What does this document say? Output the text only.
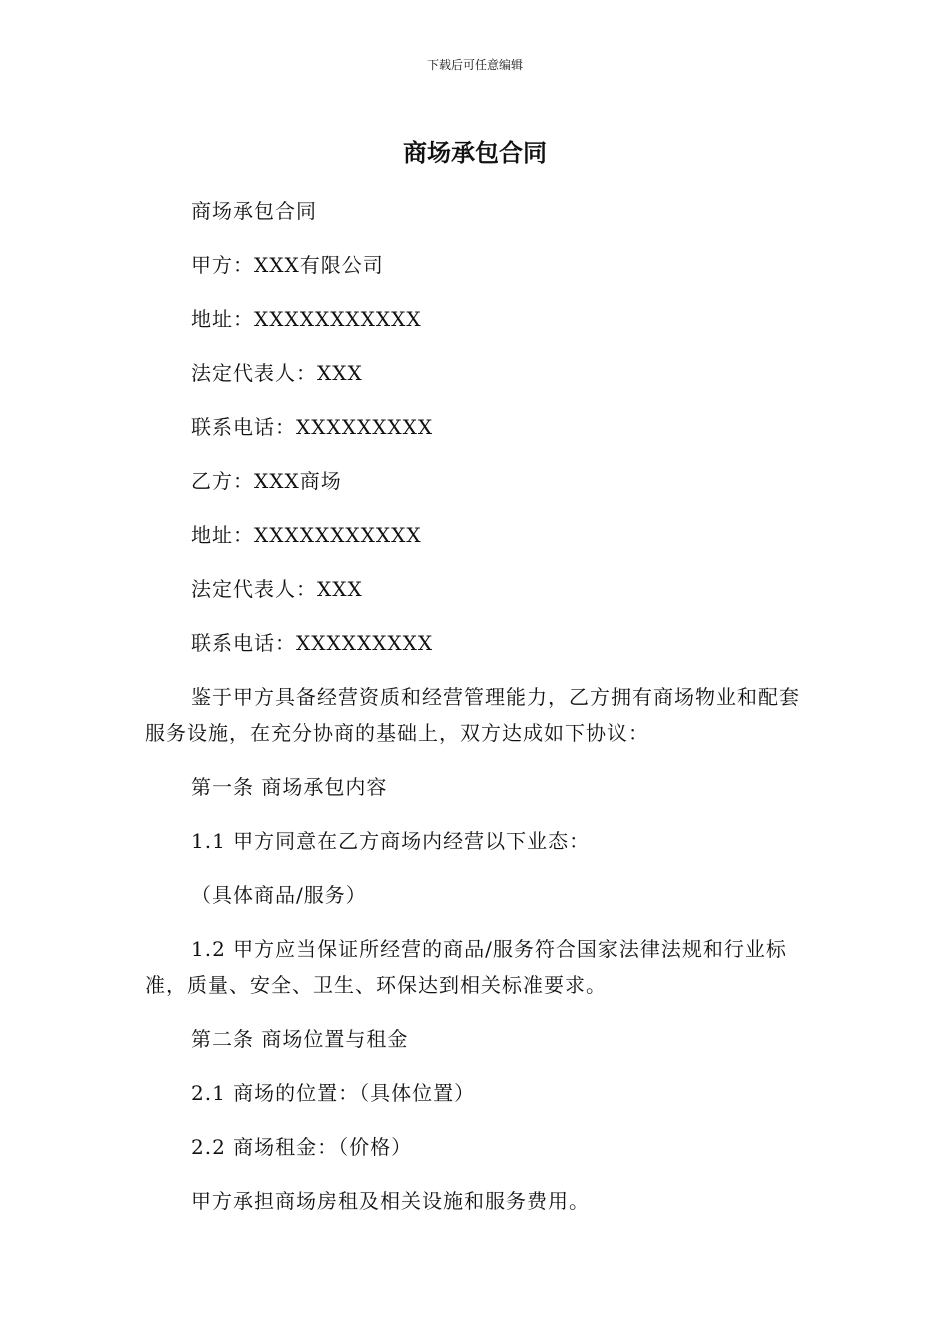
下载后可任意编辑
商场承包合同

商场承包合同

甲方：XXX有限公司

地址：XXXXXXXXXXX

法定代表人：XXX

联系电话：XXXXXXXXX

乙方：XXX商场

地址：XXXXXXXXXXX

法定代表人：XXX

联系电话：XXXXXXXXX

鉴于甲方具备经营资质和经营管理能力，乙方拥有商场物业和配套服务设施，在充分协商的基础上，双方达成如下协议：

第一条 商场承包内容

1.1 甲方同意在乙方商场内经营以下业态：

（具体商品/服务）

1.2 甲方应当保证所经营的商品/服务符合国家法律法规和行业标准，质量、安全、卫生、环保达到相关标准要求。

第二条 商场位置与租金

2.1 商场的位置：（具体位置）

2.2 商场租金：（价格）

甲方承担商场房租及相关设施和服务费用。
